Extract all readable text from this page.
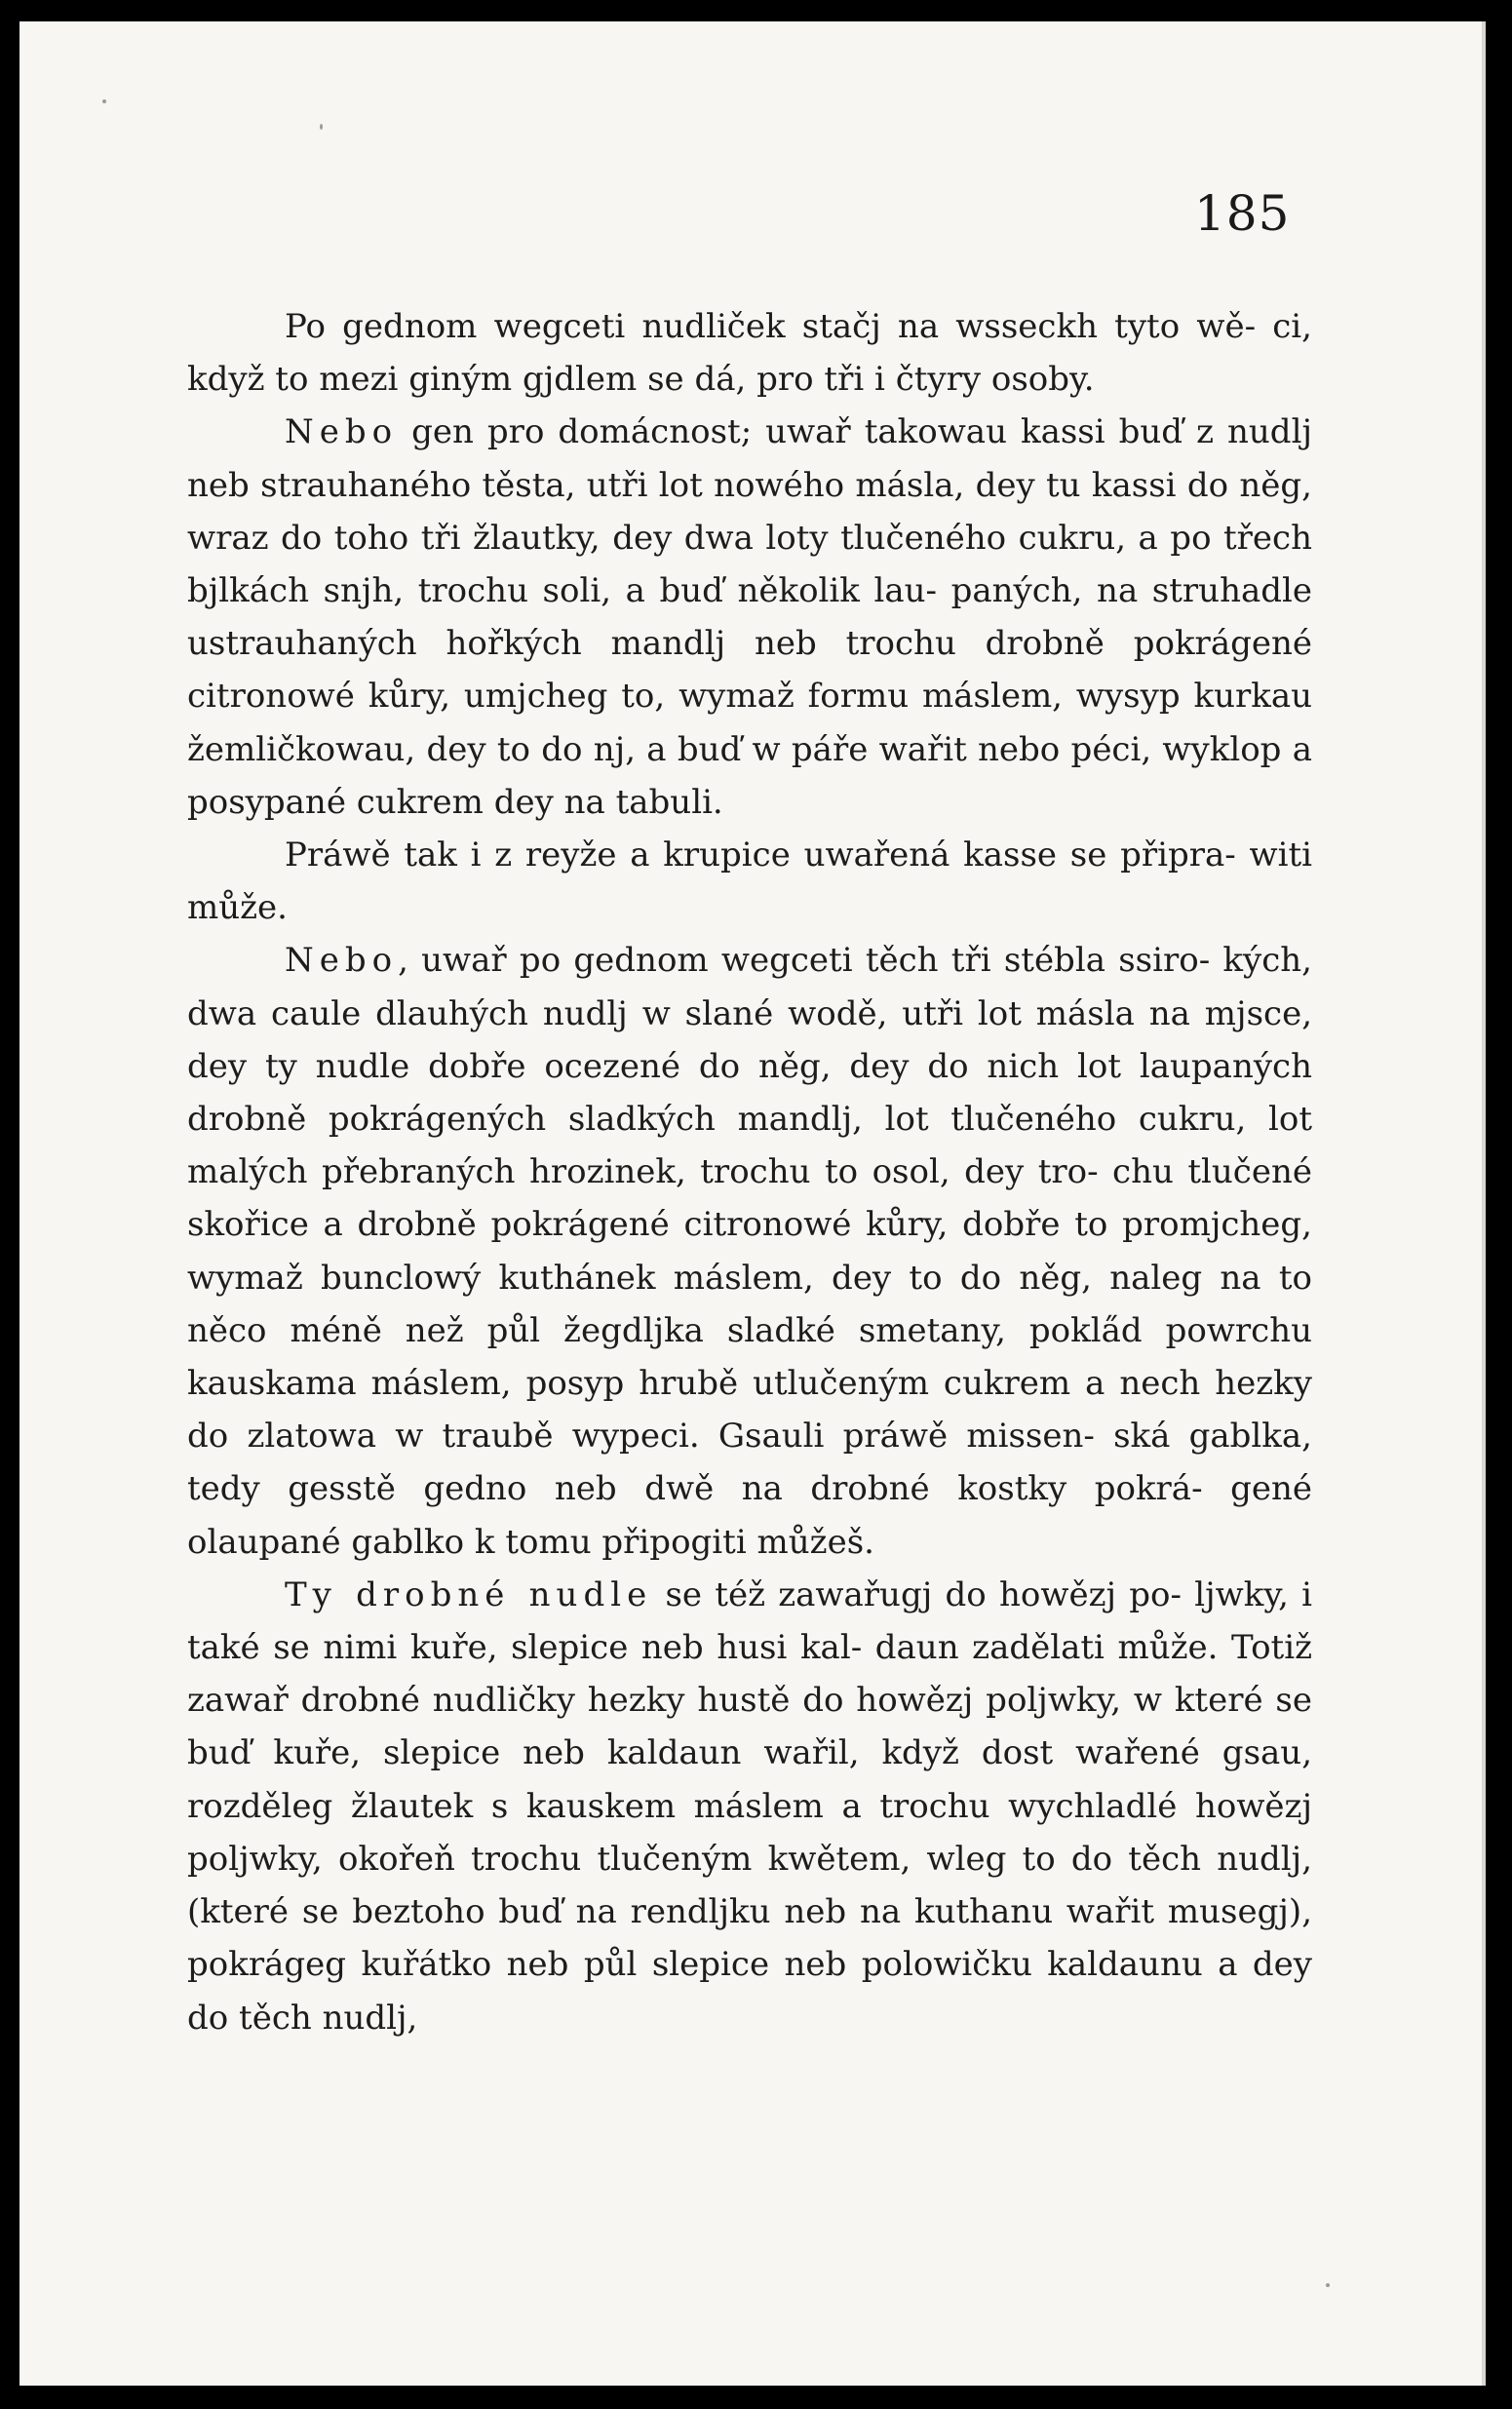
185

Po gednom wegceti nudliček stačj na wsseckh tyto wě- ci, když to mezi giným gjdlem se dá, pro tři i čtyry osoby.

Nebo gen pro domácnost; uwař takowau kassi buď z nudlj neb strauhaného těsta, utři lot nowého másla, dey tu kassi do něg, wraz do toho tři žlautky, dey dwa loty tlučeného cukru, a po třech bjlkách snjh, trochu soli, a buď několik lau- paných, na struhadle ustrauhaných hořkých mandlj neb trochu drobně pokrágené citronowé kůry, umjcheg to, wymaž formu máslem, wysyp kurkau žemličkowau, dey to do nj, a buď w páře wařit nebo péci, wyklop a posypané cukrem dey na tabuli.

Práwě tak i z reyže a krupice uwařená kasse se připra- witi může.

Nebo, uwař po gednom wegceti těch tři stébla ssiro- kých, dwa caule dlauhých nudlj w slané wodě, utři lot másla na mjsce, dey ty nudle dobře ocezené do něg, dey do nich lot laupaných drobně pokrágených sladkých mandlj, lot tlučeného cukru, lot malých přebraných hrozinek, trochu to osol, dey tro- chu tlučené skořice a drobně pokrágené citronowé kůry, dobře to promjcheg, wymaž bunclowý kuthánek máslem, dey to do něg, naleg na to něco méně než půl žegdljka sladké smetany, pokla̋d powrchu kauskama máslem, posyp hrubě utlučeným cukrem a nech hezky do zlatowa w traubě wypeci. Gsauli práwě missen- ská gablka, tedy gesstě gedno neb dwě na drobné kostky pokrá- gené olaupané gablko k tomu připogiti můžeš.

Ty drobné nudle se též zawařugj do howězj po- ljwky, i také se nimi kuře, slepice neb husi kal- daun zadělati může. Totiž zawař drobné nudličky hezky hustě do howězj poljwky, w které se buď kuře, slepice neb kaldaun wařil, když dost wařené gsau, rozděleg žlautek s kauskem máslem a trochu wychladlé howězj poljwky, okořeň trochu tlučeným kwětem, wleg to do těch nudlj, (které se beztoho buď na rendljku neb na kuthanu wařit musegj), pokrágeg kuřátko neb půl slepice neb polowičku kaldaunu a dey do těch nudlj,
